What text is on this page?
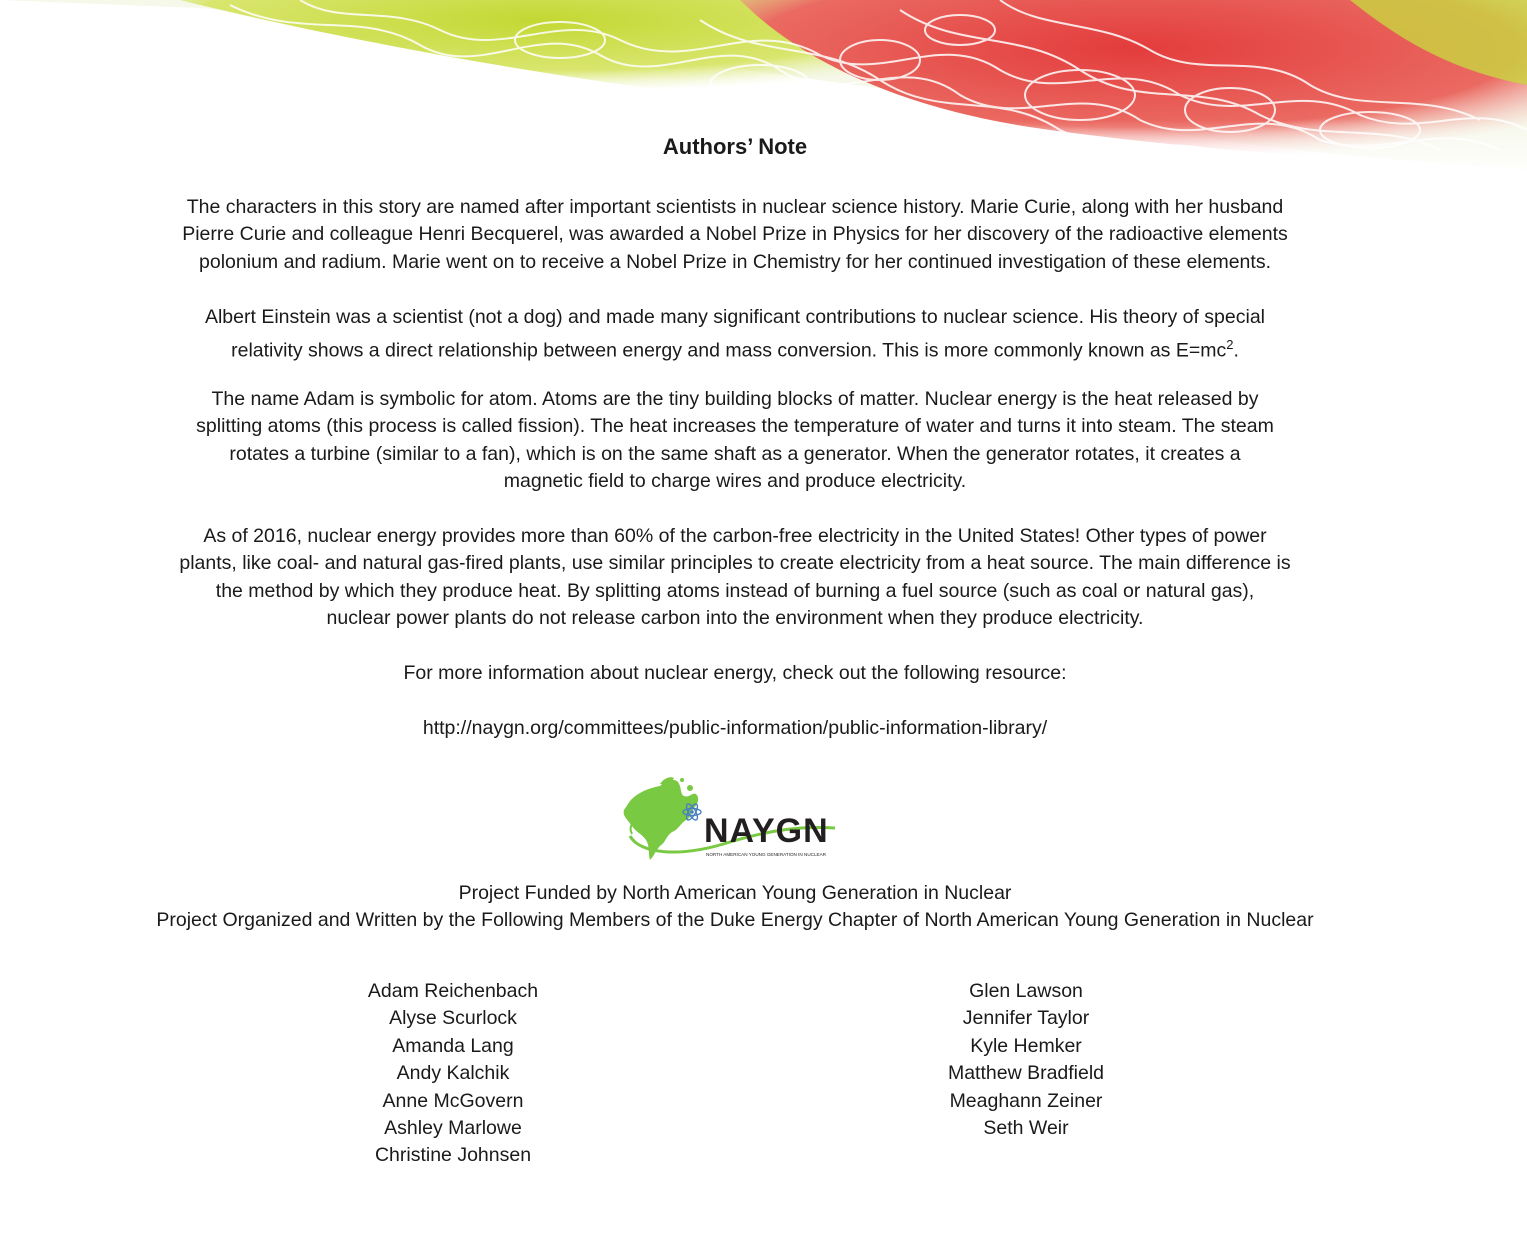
Authors’ Note

The characters in this story are named after important scientists in nuclear science history. Marie Curie, along with her husband
Pierre Curie and colleague Henri Becquerel, was awarded a Nobel Prize in Physics for her discovery of the radioactive elements
polonium and radium. Marie went on to receive a Nobel Prize in Chemistry for her continued investigation of these elements.

Albert Einstein was a scientist (not a dog) and made many significant contributions to nuclear science. His theory of special
relativity shows a direct relationship between energy and mass conversion. This is more commonly known as $E=mc^2$.

The name Adam is symbolic for atom. Atoms are the tiny building blocks of matter. Nuclear energy is the heat released by
splitting atoms (this process is called fission). The heat increases the temperature of water and turns it into steam. The steam
rotates a turbine (similar to a fan), which is on the same shaft as a generator. When the generator rotates, it creates a
magnetic field to charge wires and produce electricity.

As of 2016, nuclear energy provides more than 60% of the carbon-free electricity in the United States! Other types of power
plants, like coal- and natural gas-fired plants, use similar principles to create electricity from a heat source. The main difference is
the method by which they produce heat. By splitting atoms instead of burning a fuel source (such as coal or natural gas),
nuclear power plants do not release carbon into the environment when they produce electricity.

For more information about nuclear energy, check out the following resource:

http://naygn.org/committees/public-information/public-information-library/

NAYGN
NORTH AMERICAN YOUNG GENERATION IN NUCLEAR
Project Funded by North American Young Generation in Nuclear
Project Organized and Written by the Following Members of the Duke Energy Chapter of North American Young Generation in Nuclear
Adam Reichenbach
Alyse Scurlock
Amanda Lang
Andy Kalchik
Anne McGovern
Ashley Marlowe
Christine Johnsen
Glen Lawson
Jennifer Taylor
Kyle Hemker
Matthew Bradfield
Meaghann Zeiner
Seth Weir
